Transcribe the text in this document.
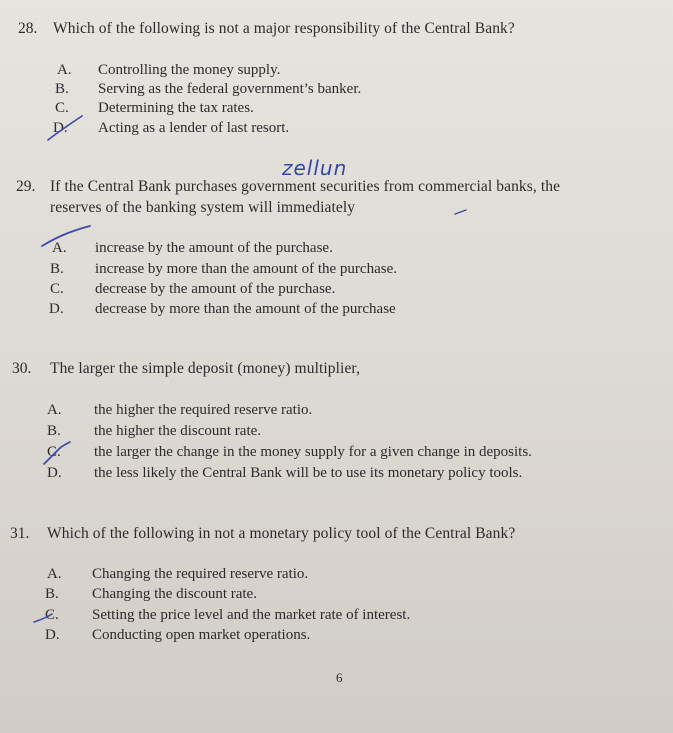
28. Which of the following is not a major responsibility of the Central Bank?
A. Controlling the money supply.
B. Serving as the federal government’s banker.
C. Determining the tax rates.
D. Acting as a lender of last resort.
zellun
29. If the Central Bank purchases government securities from commercial banks, the
reserves of the banking system will immediately
A. increase by the amount of the purchase.
B. increase by more than the amount of the purchase.
C. decrease by the amount of the purchase.
D. decrease by more than the amount of the purchase
30. The larger the simple deposit (money) multiplier,
A. the higher the required reserve ratio.
B. the higher the discount rate.
C. the larger the change in the money supply for a given change in deposits.
D. the less likely the Central Bank will be to use its monetary policy tools.
31. Which of the following in not a monetary policy tool of the Central Bank?
A. Changing the required reserve ratio.
B. Changing the discount rate.
C. Setting the price level and the market rate of interest.
D. Conducting open market operations.
6
